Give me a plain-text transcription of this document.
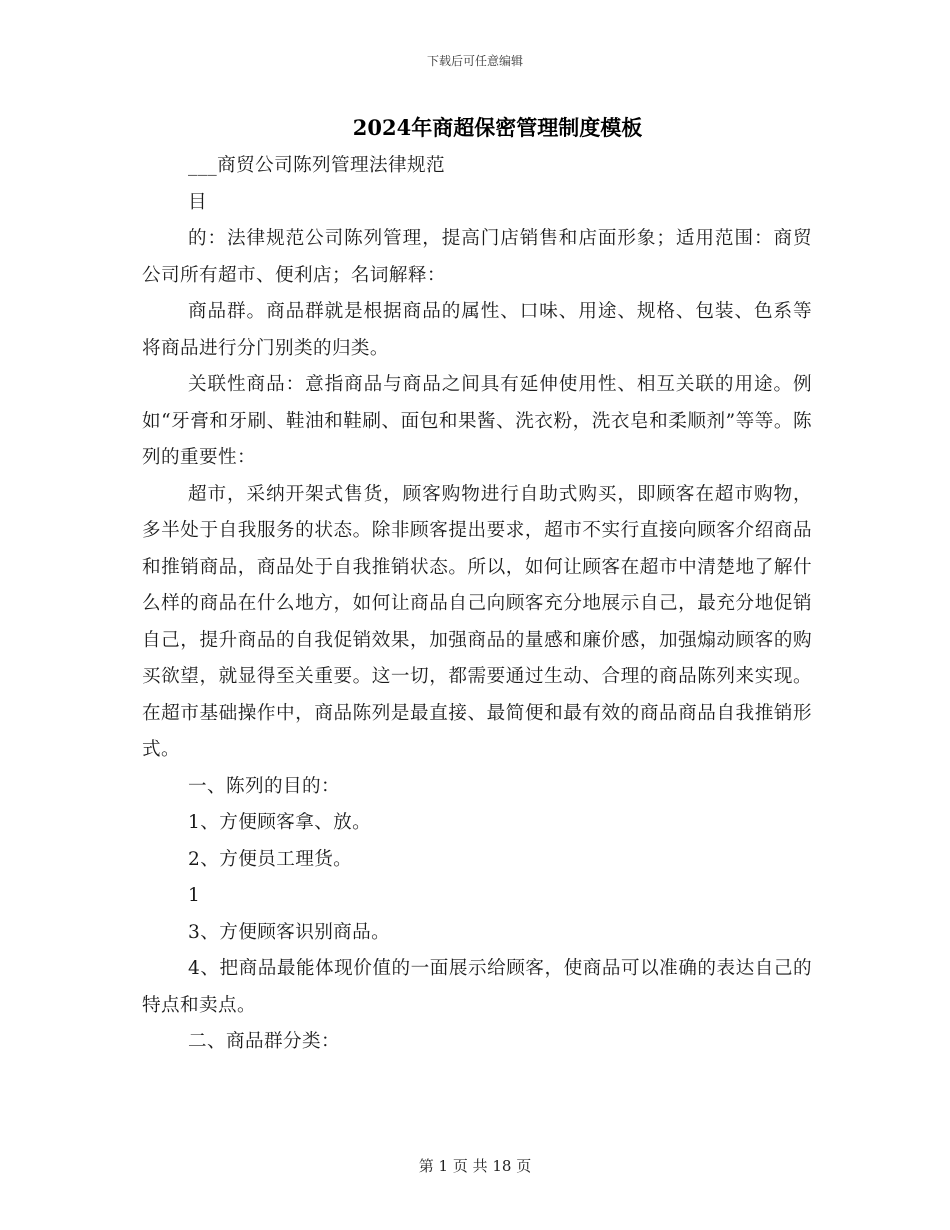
下载后可任意编辑
2024年商超保密管理制度模板

___商贸公司陈列管理法律规范

目

的：法律规范公司陈列管理，提高门店销售和店面形象；适用范围：商贸公司所有超市、便利店；名词解释：

商品群。商品群就是根据商品的属性、口味、用途、规格、包装、色系等将商品进行分门别类的归类。

关联性商品：意指商品与商品之间具有延伸使用性、相互关联的用途。例如“牙膏和牙刷、鞋油和鞋刷、面包和果酱、洗衣粉，洗衣皂和柔顺剂”等等。陈列的重要性：

超市，采纳开架式售货，顾客购物进行自助式购买，即顾客在超市购物，多半处于自我服务的状态。除非顾客提出要求，超市不实行直接向顾客介绍商品和推销商品，商品处于自我推销状态。所以，如何让顾客在超市中清楚地了解什么样的商品在什么地方，如何让商品自己向顾客充分地展示自己，最充分地促销自己，提升商品的自我促销效果，加强商品的量感和廉价感，加强煽动顾客的购买欲望，就显得至关重要。这一切，都需要通过生动、合理的商品陈列来实现。在超市基础操作中，商品陈列是最直接、最简便和最有效的商品商品自我推销形式。

一、陈列的目的：

1、方便顾客拿、放。

2、方便员工理货。

1

3、方便顾客识别商品。

4、把商品最能体现价值的一面展示给顾客，使商品可以准确的表达自己的特点和卖点。

二、商品群分类：

第 1 页 共 18 页
